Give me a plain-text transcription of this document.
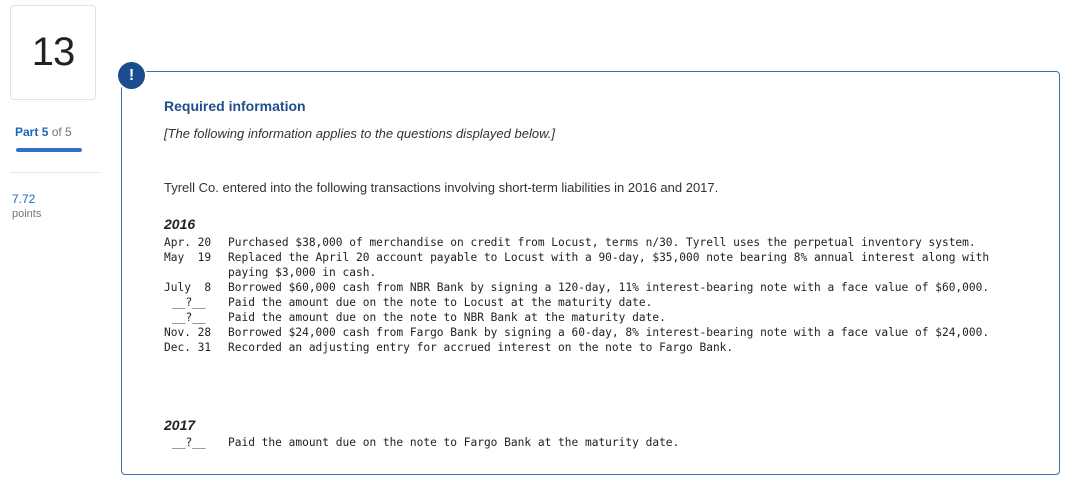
13
Part 5 of 5
7.72
points
!
Required information
[The following information applies to the questions displayed below.]
Tyrell Co. entered into the following transactions involving short-term liabilities in 2016 and 2017.
2016
Apr. 20	Purchased $38,000 of merchandise on credit from Locust, terms n/30. Tyrell uses the perpetual inventory system.
May  19	Replaced the April 20 account payable to Locust with a 90-day, $35,000 note bearing 8% annual interest along with paying $3,000 in cash.
July  8	Borrowed $60,000 cash from NBR Bank by signing a 120-day, 11% interest-bearing note with a face value of $60,000.
__?__	Paid the amount due on the note to Locust at the maturity date.
__?__	Paid the amount due on the note to NBR Bank at the maturity date.
Nov. 28	Borrowed $24,000 cash from Fargo Bank by signing a 60-day, 8% interest-bearing note with a face value of $24,000.
Dec. 31	Recorded an adjusting entry for accrued interest on the note to Fargo Bank.
2017
__?__	Paid the amount due on the note to Fargo Bank at the maturity date.
